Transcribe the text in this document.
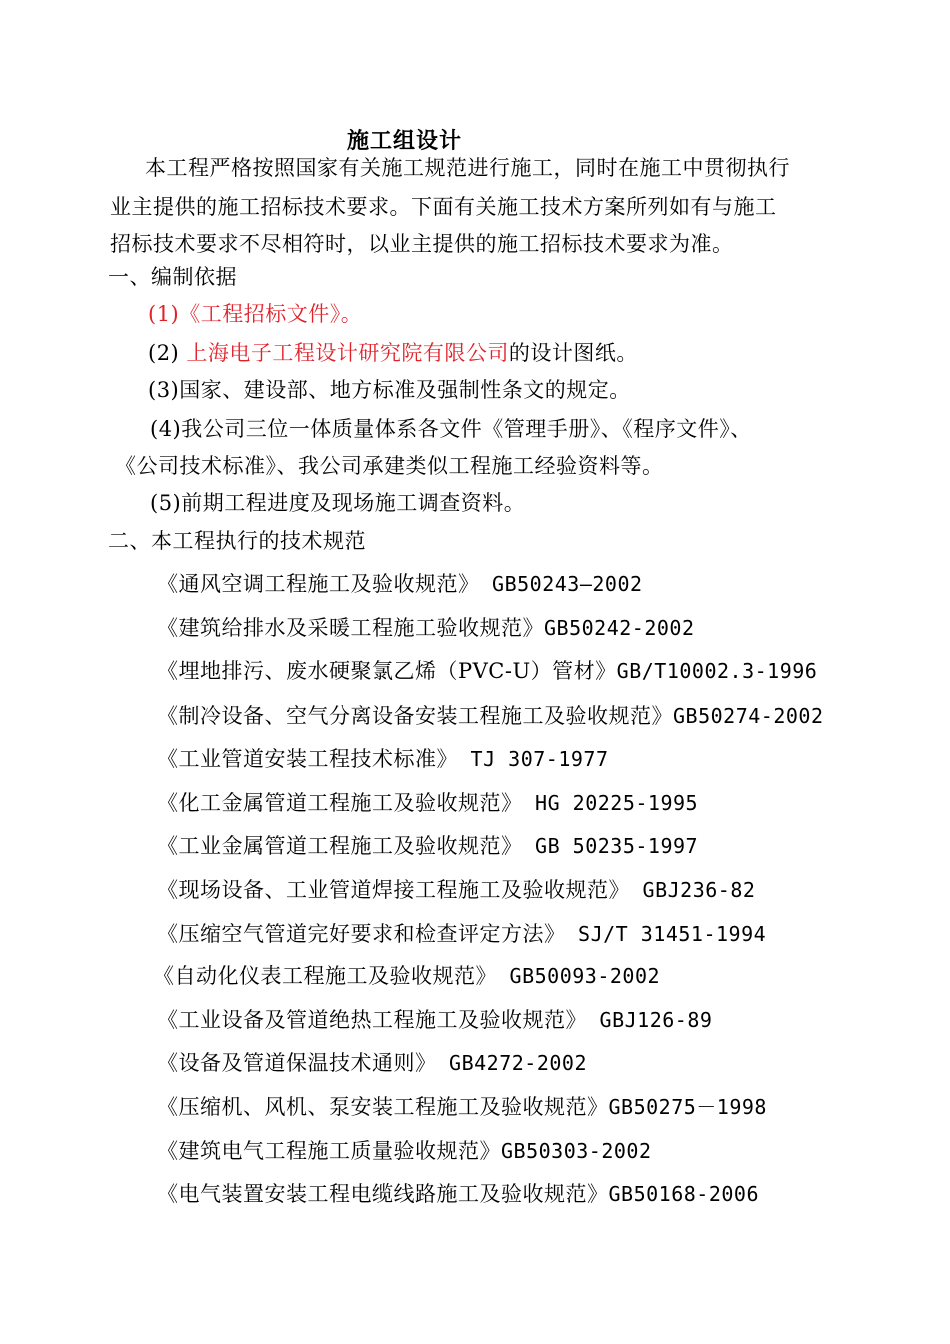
施工组设计
本工程严格按照国家有关施工规范进行施工，同时在施工中贯彻执行
业主提供的施工招标技术要求。下面有关施工技术方案所列如有与施工
招标技术要求不尽相符时，以业主提供的施工招标技术要求为准。
一、编制依据
(1)《工程招标文件》。
(2) 上海电子工程设计研究院有限公司的设计图纸。
(3)国家、建设部、地方标准及强制性条文的规定。
(4)我公司三位一体质量体系各文件《管理手册》、《程序文件》、
《公司技术标准》、我公司承建类似工程施工经验资料等。
(5)前期工程进度及现场施工调查资料。
二、本工程执行的技术规范
《通风空调工程施工及验收规范》 GB50243—2002
《建筑给排水及采暖工程施工验收规范》GB50242-2002
《埋地排污、废水硬聚氯乙烯（PVC-U）管材》GB/T10002.3-1996
《制冷设备、空气分离设备安装工程施工及验收规范》GB50274-2002
《工业管道安装工程技术标准》 TJ 307-1977
《化工金属管道工程施工及验收规范》 HG 20225-1995
《工业金属管道工程施工及验收规范》 GB 50235-1997
《现场设备、工业管道焊接工程施工及验收规范》 GBJ236-82
《压缩空气管道完好要求和检查评定方法》 SJ/T 31451-1994
《自动化仪表工程施工及验收规范》 GB50093-2002
《工业设备及管道绝热工程施工及验收规范》 GBJ126-89
《设备及管道保温技术通则》 GB4272-2002
《压缩机、风机、泵安装工程施工及验收规范》GB50275－1998
《建筑电气工程施工质量验收规范》GB50303-2002
《电气装置安装工程电缆线路施工及验收规范》GB50168-2006
